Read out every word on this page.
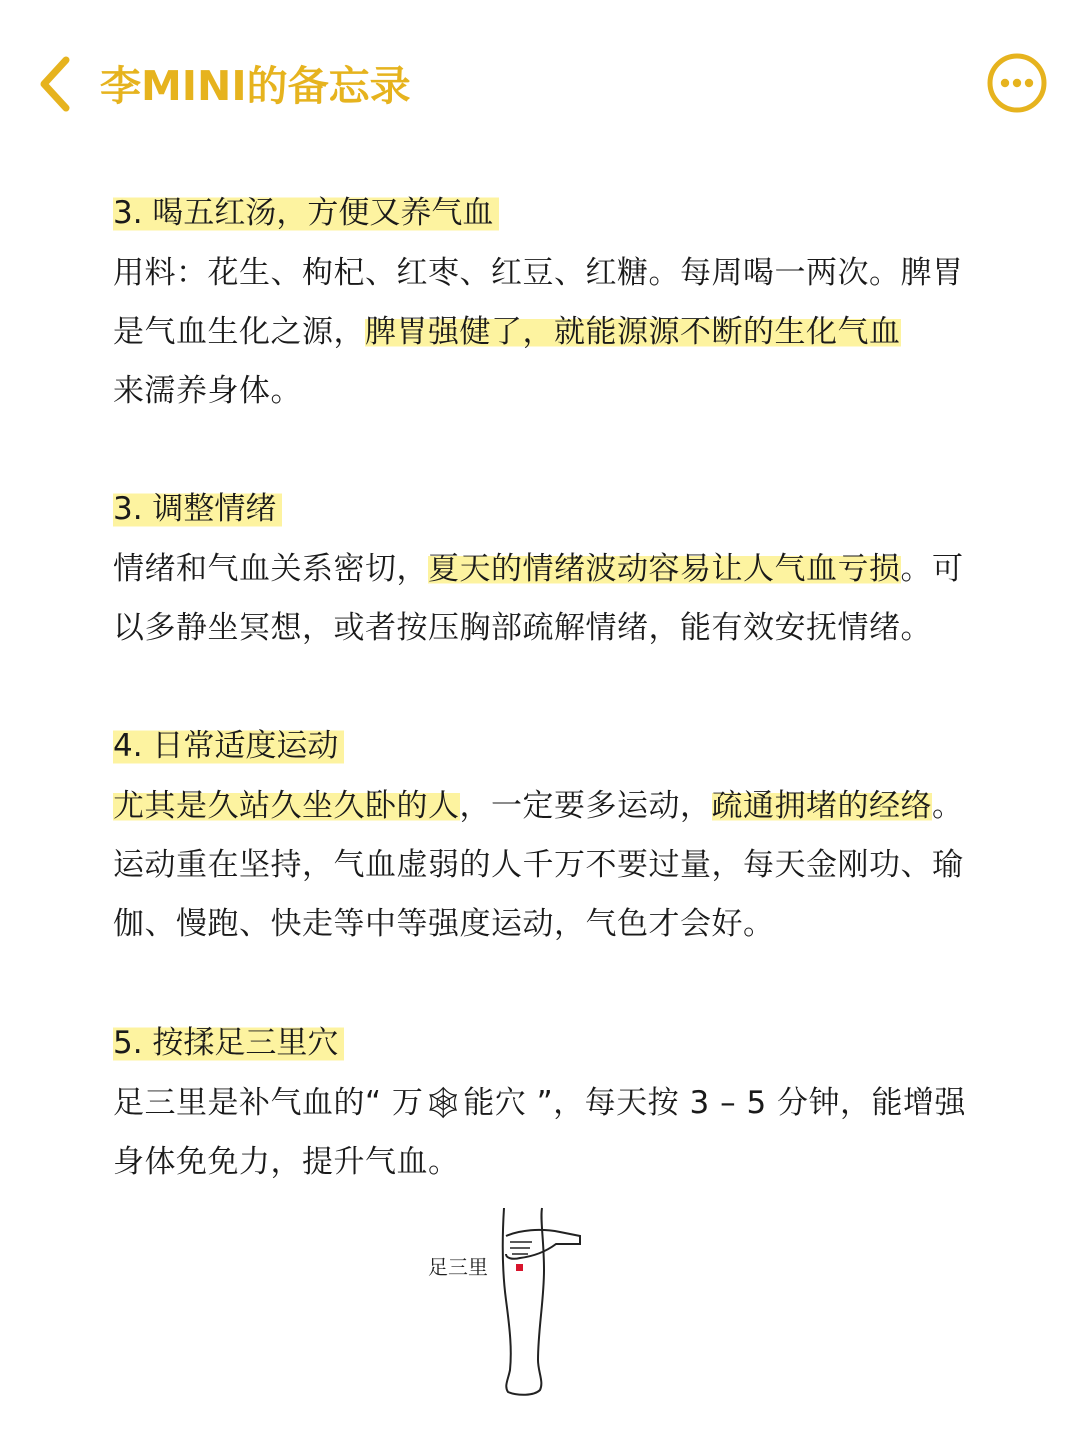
李MINI的备忘录
3. 喝五红汤，方便又养气血
用料：花生、枸杞、红枣、红豆、红糖。每周喝一两次。脾胃是气血生化之源，脾胃强健了，就能源源不断的生化气血
来濡养身体。
3. 调整情绪
情绪和气血关系密切，夏天的情绪波动容易让人气血亏损。可以多静坐冥想，或者按压胸部疏解情绪，能有效安抚情绪。
4. 日常适度运动
尤其是久站久坐久卧的人，一定要多运动，疏通拥堵的经络。运动重在坚持，气血虚弱的人千万不要过量，每天金刚功、瑜伽、慢跑、快走等中等强度运动，气色才会好。
5. 按揉足三里穴
足三里是补气血的“ 万🕸能穴 ”，每天按 3 – 5 分钟，能增强身体免免力，提升气血。
足三里
